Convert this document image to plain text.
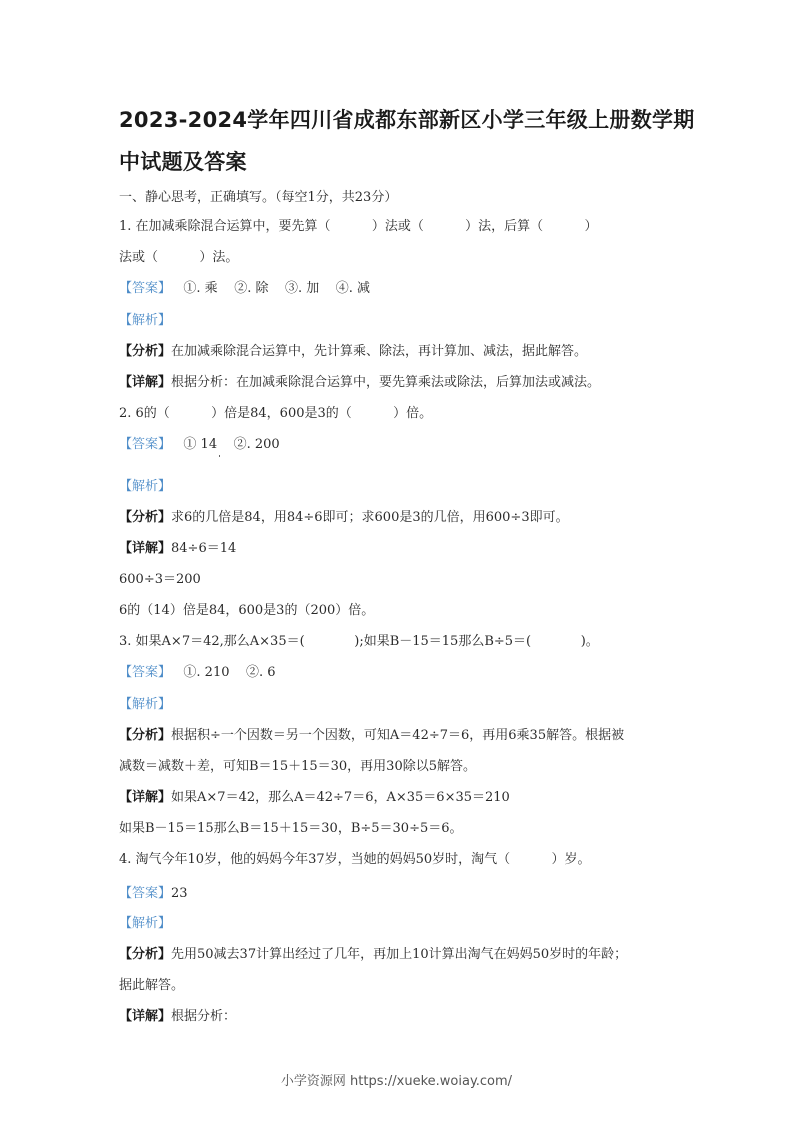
2023-2024学年四川省成都东部新区小学三年级上册数学期
中试题及答案
一、静心思考，正确填写。（每空1分，共23分）
1. 在加减乘除混合运算中，要先算（          ）法或（          ）法，后算（          ）
法或（          ）法。
【答案】   ①. 乘    ②. 除    ③. 加    ④. 减
【解析】
【分析】在加减乘除混合运算中，先计算乘、除法，再计算加、减法，据此解答。
【详解】根据分析：在加减乘除混合运算中，要先算乘法或除法，后算加法或减法。
2. 6的（          ）倍是84，600是3的（          ）倍。
【答案】   ① 14    ②. 200
【解析】
【分析】求6的几倍是84，用84÷6即可；求600是3的几倍，用600÷3即可。
【详解】84÷6＝14
600÷3＝200
6的（14）倍是84，600是3的（200）倍。
3. 如果A×7＝42,那么A×35＝(            );如果B－15＝15那么B÷5＝(            )。
【答案】   ①. 210    ②. 6
【解析】
【分析】根据积÷一个因数＝另一个因数，可知A＝42÷7＝6，再用6乘35解答。根据被
减数＝减数＋差，可知B＝15＋15＝30，再用30除以5解答。
【详解】如果A×7＝42，那么A＝42÷7＝6，A×35＝6×35＝210
如果B－15＝15那么B＝15＋15＝30，B÷5＝30÷5＝6。
4. 淘气今年10岁，他的妈妈今年37岁，当她的妈妈50岁时，淘气（          ）岁。
【答案】23
【解析】
【分析】先用50减去37计算出经过了几年，再加上10计算出淘气在妈妈50岁时的年龄；
据此解答。
【详解】根据分析：
小学资源网 https://xueke.woiay.com/
